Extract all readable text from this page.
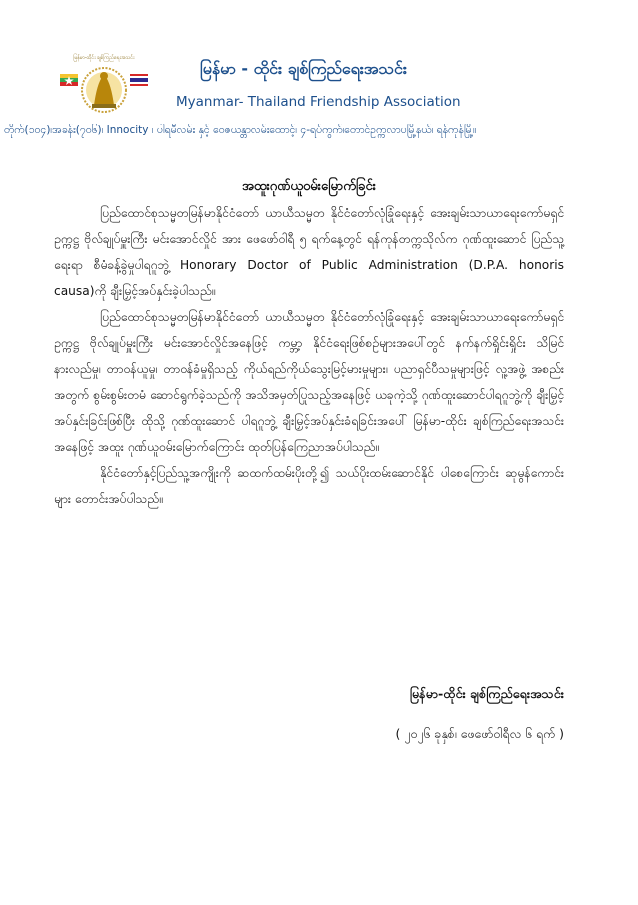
မြန်မာ-ထိုင်း ချစ်ကြည်ရေးအသင်း
မြန်မာ - ထိုင်း ချစ်ကြည်ရေးအသင်း
Myanmar- Thailand Friendship Association
တိုက်(၁၀၄)၊အခန်း(၇၀၆)၊ Innocity ၊ ပါရမီလမ်း နှင့် ဝေဇယန္တာလမ်းထောင့်၊ ၄-ရပ်ကွက်၊တောင်ဥက္ကလာပမြို့နယ်၊ ရန်ကုန်မြို့။
အထူးဂုဏ်ယူဝမ်းမြောက်ခြင်း

ပြည်ထောင်စုသမ္မတမြန်မာနိုင်ငံတော် ယာယီသမ္မတ နိုင်ငံတော်လုံခြုံရေးနှင့် အေးချမ်းသာယာရေးကော်မရှင် ဥက္ကဋ္ဌ ဗိုလ်ချုပ်မှူးကြီး မင်းအောင်လှိုင် အား ဖေဖော်ဝါရီ ၅ ရက်နေ့တွင် ရန်ကုန်တက္ကသိုလ်က ဂုဏ်ထူးဆောင် ပြည်သူ့ရေးရာ စီမံခန့်ခွဲမှုပါရဂူဘွဲ့ Honorary Doctor of Public Administration (D.P.A. honoris causa)ကို ချီးမြှင့်အပ်နှင်းခဲ့ပါသည်။

ပြည်ထောင်စုသမ္မတမြန်မာနိုင်ငံတော် ယာယီသမ္မတ နိုင်ငံတော်လုံခြုံရေးနှင့် အေးချမ်းသာယာရေးကော်မရှင် ဥက္ကဋ္ဌ ဗိုလ်ချုပ်မှူးကြီး မင်းအောင်လှိုင်အနေဖြင့် ကမ္ဘာ့ နိုင်ငံရေးဖြစ်စဉ်များအပေါ်တွင် နက်နက်ရှိုင်းရှိုင်း သိမြင်နားလည်မှု၊ တာဝန်ယူမှု၊ တာဝန်ခံမှုရှိသည့် ကိုယ်ရည်ကိုယ်သွေးမြင့်မားမှုများ၊ ပညာရှင်ပီသမှုများဖြင့် လူ့အဖွဲ့ အစည်းအတွက် စွမ်းစွမ်းတမံ ဆောင်ရွက်ခဲ့သည်ကို အသိအမှတ်ပြုသည့်အနေဖြင့် ယခုကဲ့သို့ ဂုဏ်ထူးဆောင်ပါရဂူဘွဲ့ကို ချီးမြှင့်အပ်နှင်းခြင်းဖြစ်ပြီး ထိုသို့ ဂုဏ်ထူးဆောင် ပါရဂူဘွဲ့ ချီးမြှင့်အပ်နှင်းခံရခြင်းအပေါ် မြန်မာ-ထိုင်း ချစ်ကြည်ရေးအသင်းအနေဖြင့် အထူး ဂုဏ်ယူဝမ်းမြောက်ကြောင်း ထုတ်ပြန်ကြေညာအပ်ပါသည်။

နိုင်ငံတော်နှင့်ပြည်သူ့အကျိုးကို ဆထက်ထမ်းပိုးတို့၍ သယ်ပိုးထမ်းဆောင်နိုင် ပါစေကြောင်း ဆုမွန်ကောင်းများ တောင်းအပ်ပါသည်။

မြန်မာ-ထိုင်း ချစ်ကြည်ရေးအသင်း
( ၂၀၂၆ ခုနှစ်၊ ဖေဖော်ဝါရီလ ၆ ရက် )
